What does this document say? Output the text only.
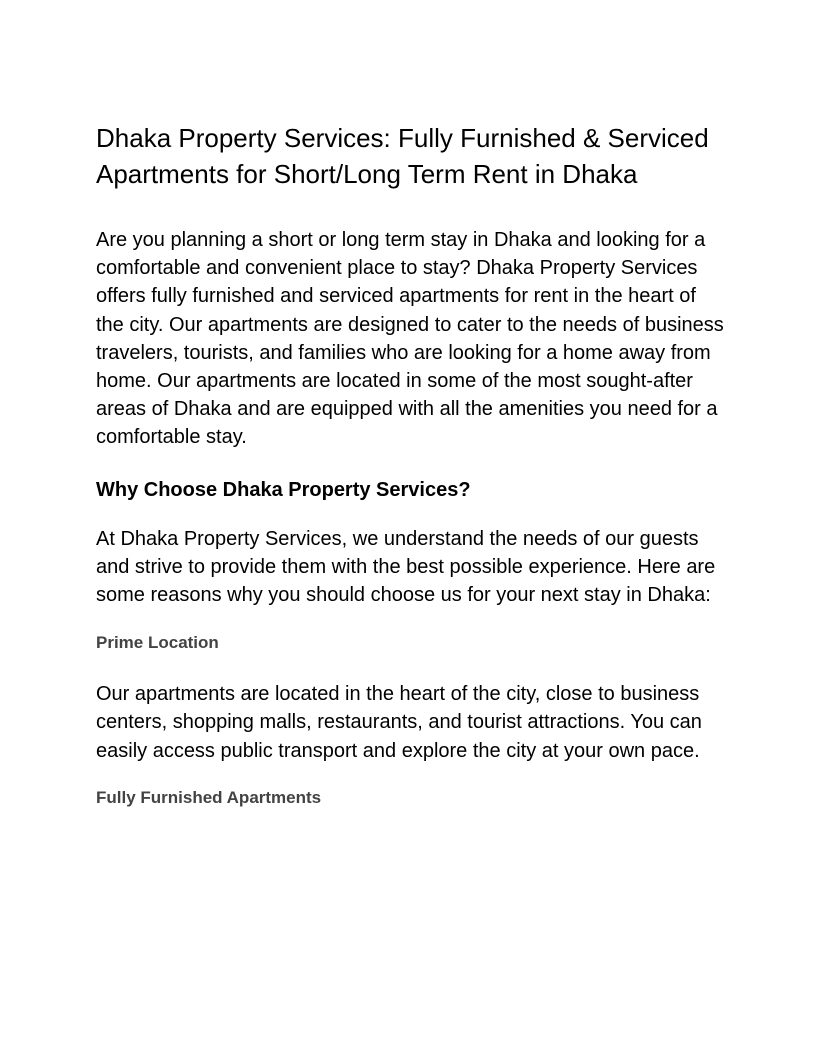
Dhaka Property Services: Fully Furnished & Serviced Apartments for Short/Long Term Rent in Dhaka

Are you planning a short or long term stay in Dhaka and looking for a comfortable and convenient place to stay? Dhaka Property Services offers fully furnished and serviced apartments for rent in the heart of the city. Our apartments are designed to cater to the needs of business travelers, tourists, and families who are looking for a home away from home. Our apartments are located in some of the most sought-after areas of Dhaka and are equipped with all the amenities you need for a comfortable stay.

Why Choose Dhaka Property Services?

At Dhaka Property Services, we understand the needs of our guests and strive to provide them with the best possible experience. Here are some reasons why you should choose us for your next stay in Dhaka:

Prime Location

Our apartments are located in the heart of the city, close to business centers, shopping malls, restaurants, and tourist attractions. You can easily access public transport and explore the city at your own pace.

Fully Furnished Apartments
